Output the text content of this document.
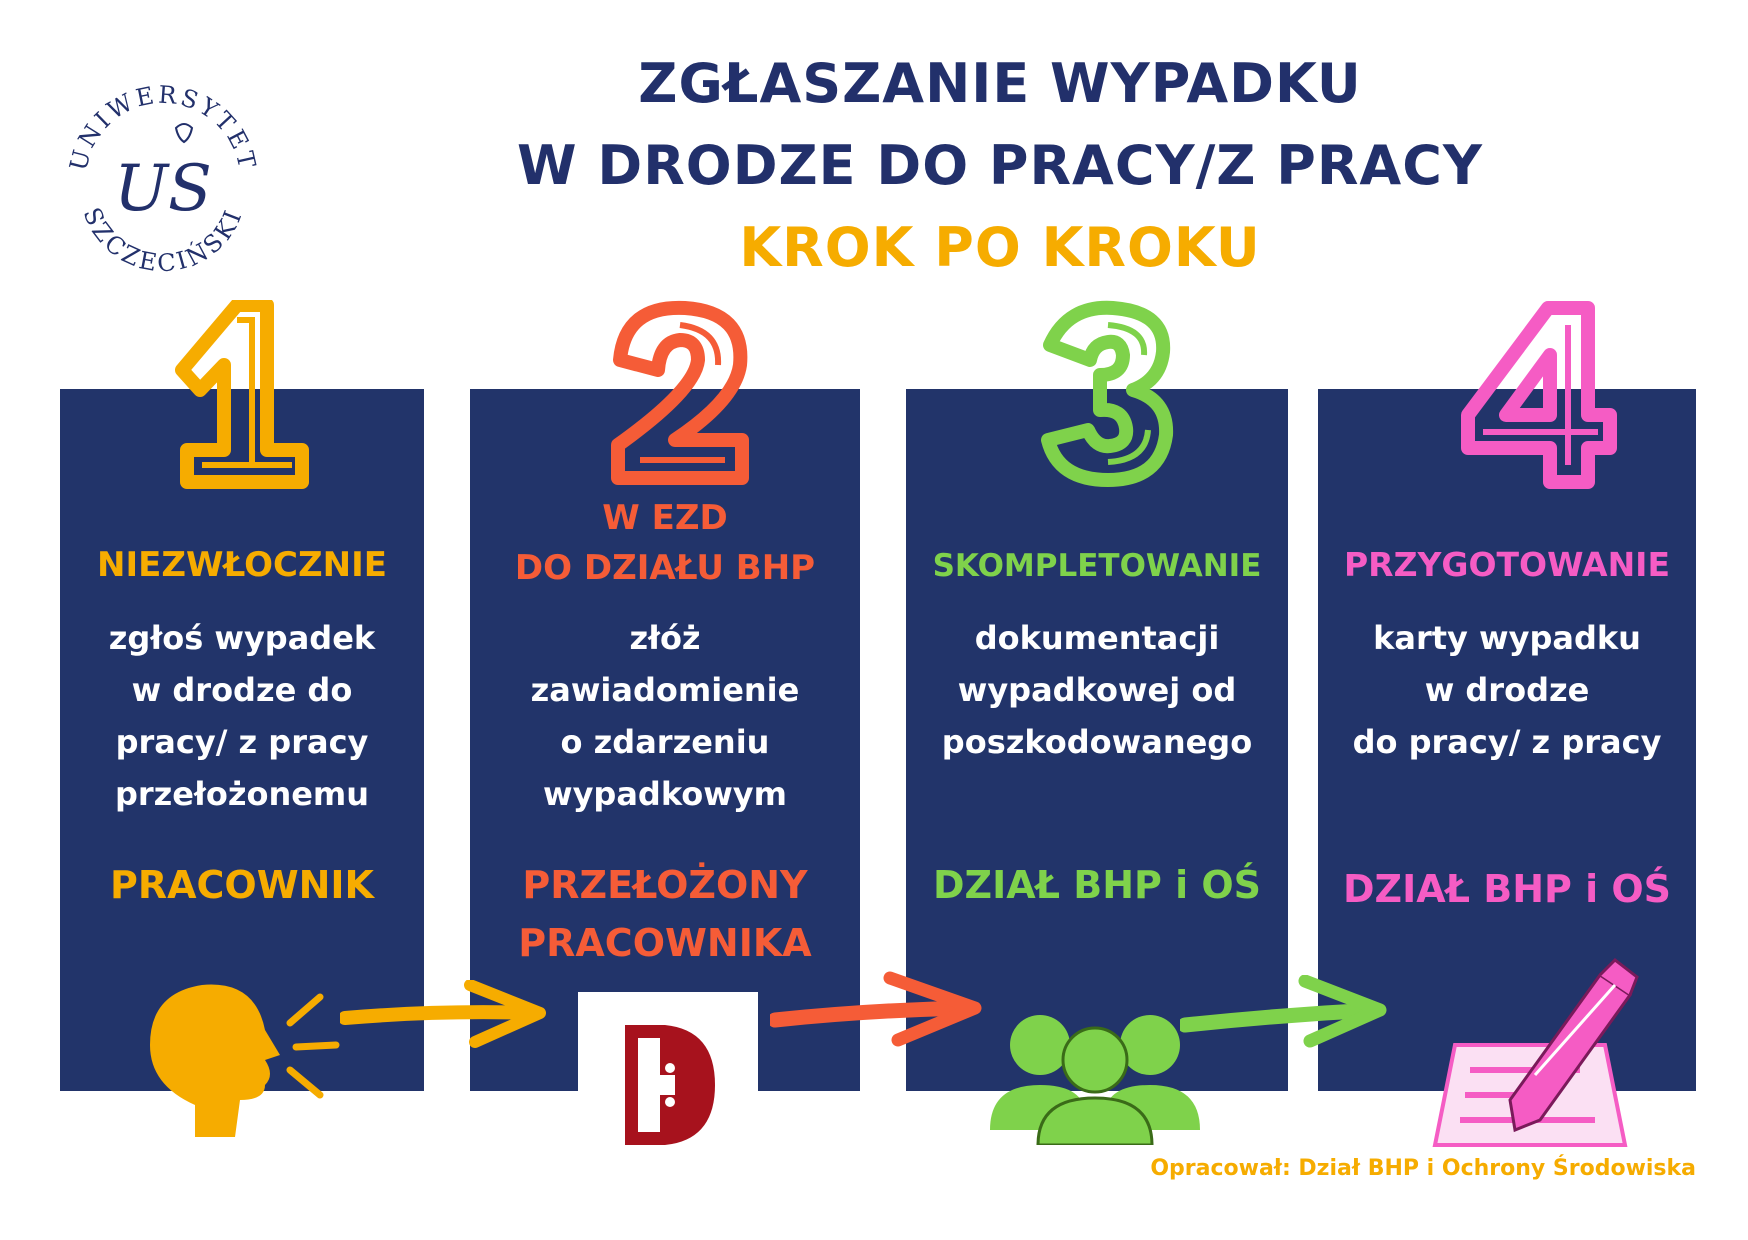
UNIWERSYTET
SZCZECIŃSKI
US
ZGŁASZANIE WYPADKU
W DRODZE DO PRACY/Z PRACY
KROK PO KROKU
NIEZWŁOCZNIE
zgłoś wypadek
w drodze do
pracy/ z pracy
przełożonemu
PRACOWNIK
W EZD
DO DZIAŁU BHP
złóż
zawiadomienie
o zdarzeniu
wypadkowym
PRZEŁOŻONY
PRACOWNIKA
SKOMPLETOWANIE
dokumentacji
wypadkowej od
poszkodowanego
DZIAŁ BHP i OŚ
PRZYGOTOWANIE
karty wypadku
w drodze
do pracy/ z pracy
DZIAŁ BHP i OŚ
Opracował: Dział BHP i Ochrony Środowiska
